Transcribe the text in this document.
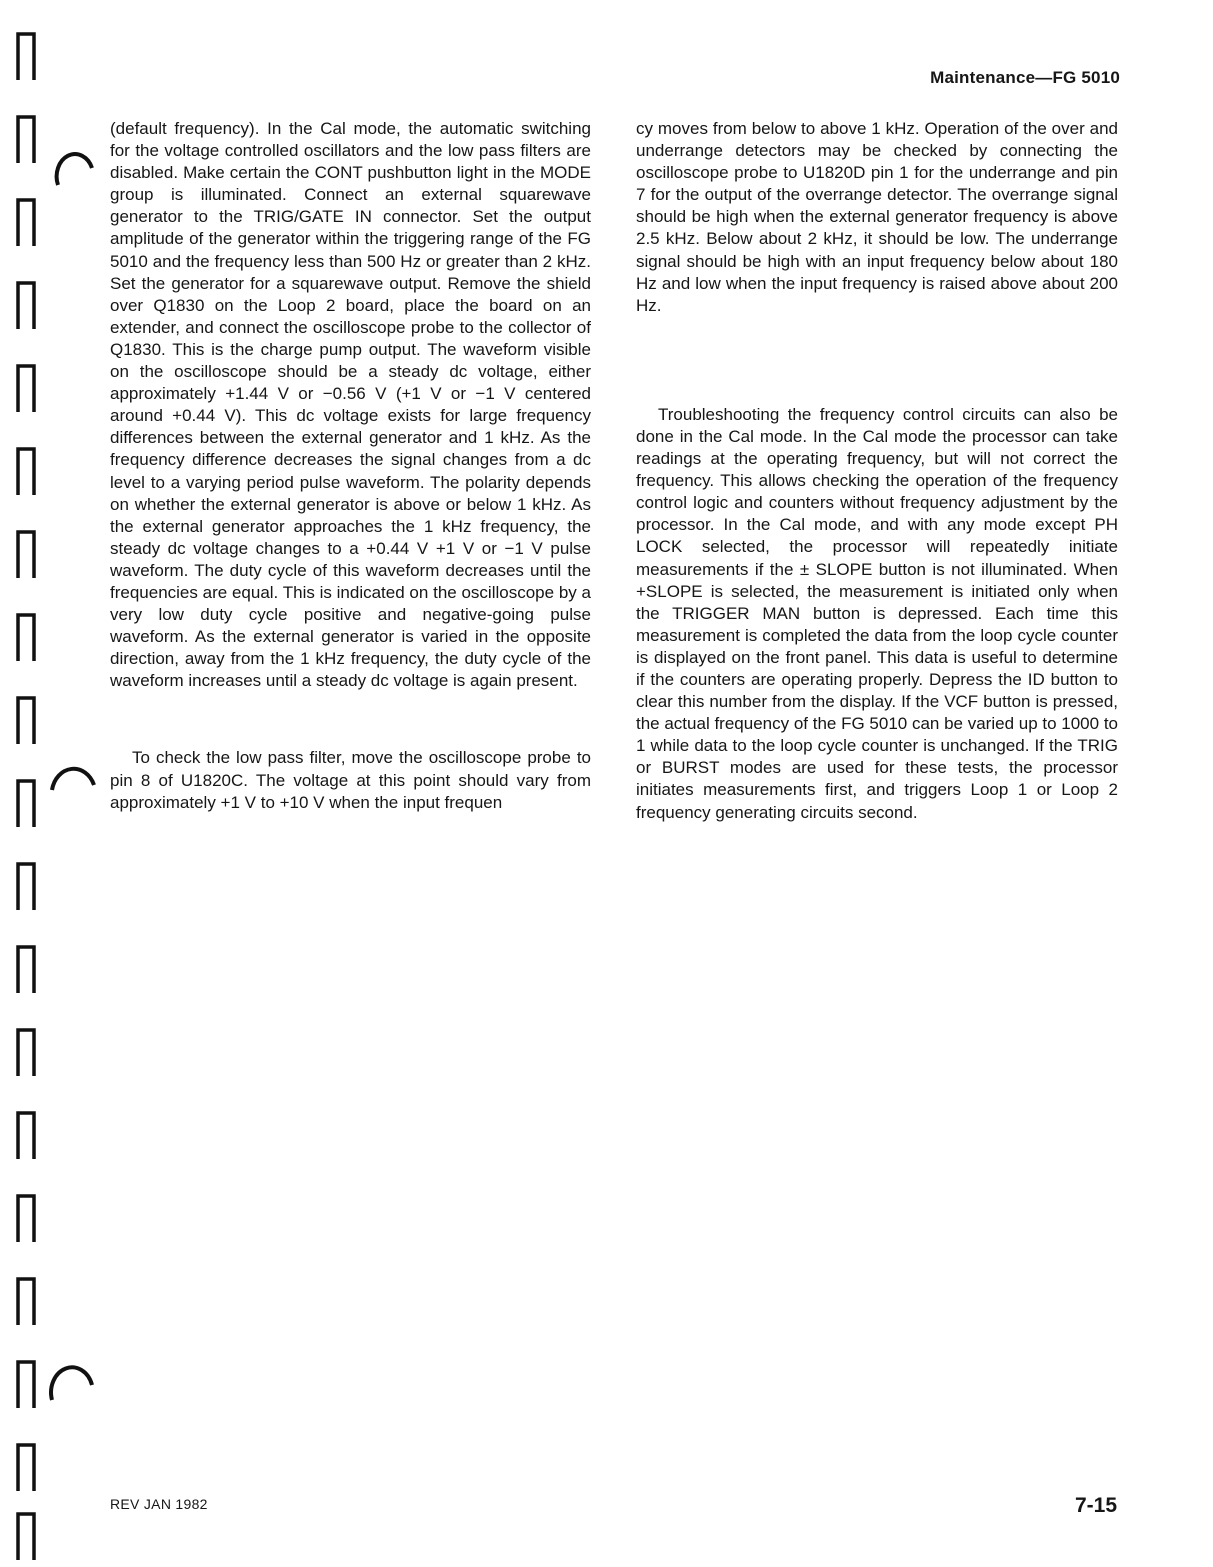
Maintenance—FG 5010

(default frequency). In the Cal mode, the automatic switching for the voltage controlled oscillators and the low pass filters are disabled. Make certain the CONT pushbutton light in the MODE group is illuminated. Connect an external squarewave generator to the TRIG/GATE IN connector. Set the output amplitude of the generator within the triggering range of the FG 5010 and the frequency less than 500 Hz or greater than 2 kHz. Set the generator for a squarewave output. Remove the shield over Q1830 on the Loop 2 board, place the board on an extender, and connect the oscilloscope probe to the collector of Q1830. This is the charge pump output. The waveform visible on the oscilloscope should be a steady dc voltage, either approximately +1.44 V or −0.56 V (+1 V or −1 V centered around +0.44 V). This dc voltage exists for large frequency differences between the external generator and 1 kHz. As the frequency difference decreases the signal changes from a dc level to a varying period pulse waveform. The polarity depends on whether the external generator is above or below 1 kHz. As the external generator approaches the 1 kHz frequency, the steady dc voltage changes to a +0.44 V +1 V or −1 V pulse waveform. The duty cycle of this waveform decreases until the frequencies are equal. This is indicated on the oscilloscope by a very low duty cycle positive and negative-going pulse waveform. As the external generator is varied in the opposite direction, away from the 1 kHz frequency, the duty cycle of the waveform increases until a steady dc voltage is again present.

To check the low pass filter, move the oscilloscope probe to pin 8 of U1820C. The voltage at this point should vary from approximately +1 V to +10 V when the input frequen

cy moves from below to above 1 kHz. Operation of the over and underrange detectors may be checked by connecting the oscilloscope probe to U1820D pin 1 for the underrange and pin 7 for the output of the overrange detector. The overrange signal should be high when the external generator frequency is above 2.5 kHz. Below about 2 kHz, it should be low. The underrange signal should be high with an input frequency below about 180 Hz and low when the input frequency is raised above about 200 Hz.

Troubleshooting the frequency control circuits can also be done in the Cal mode. In the Cal mode the processor can take readings at the operating frequency, but will not correct the frequency. This allows checking the operation of the frequency control logic and counters without frequency adjustment by the processor. In the Cal mode, and with any mode except PH LOCK selected, the processor will repeatedly initiate measurements if the ± SLOPE button is not illuminated. When +SLOPE is selected, the measurement is initiated only when the TRIGGER MAN button is depressed. Each time this measurement is completed the data from the loop cycle counter is displayed on the front panel. This data is useful to determine if the counters are operating properly. Depress the ID button to clear this number from the display. If the VCF button is pressed, the actual frequency of the FG 5010 can be varied up to 1000 to 1 while data to the loop cycle counter is unchanged. If the TRIG or BURST modes are used for these tests, the processor initiates measurements first, and triggers Loop 1 or Loop 2 frequency generating circuits second.

REV JAN 1982	7-15
